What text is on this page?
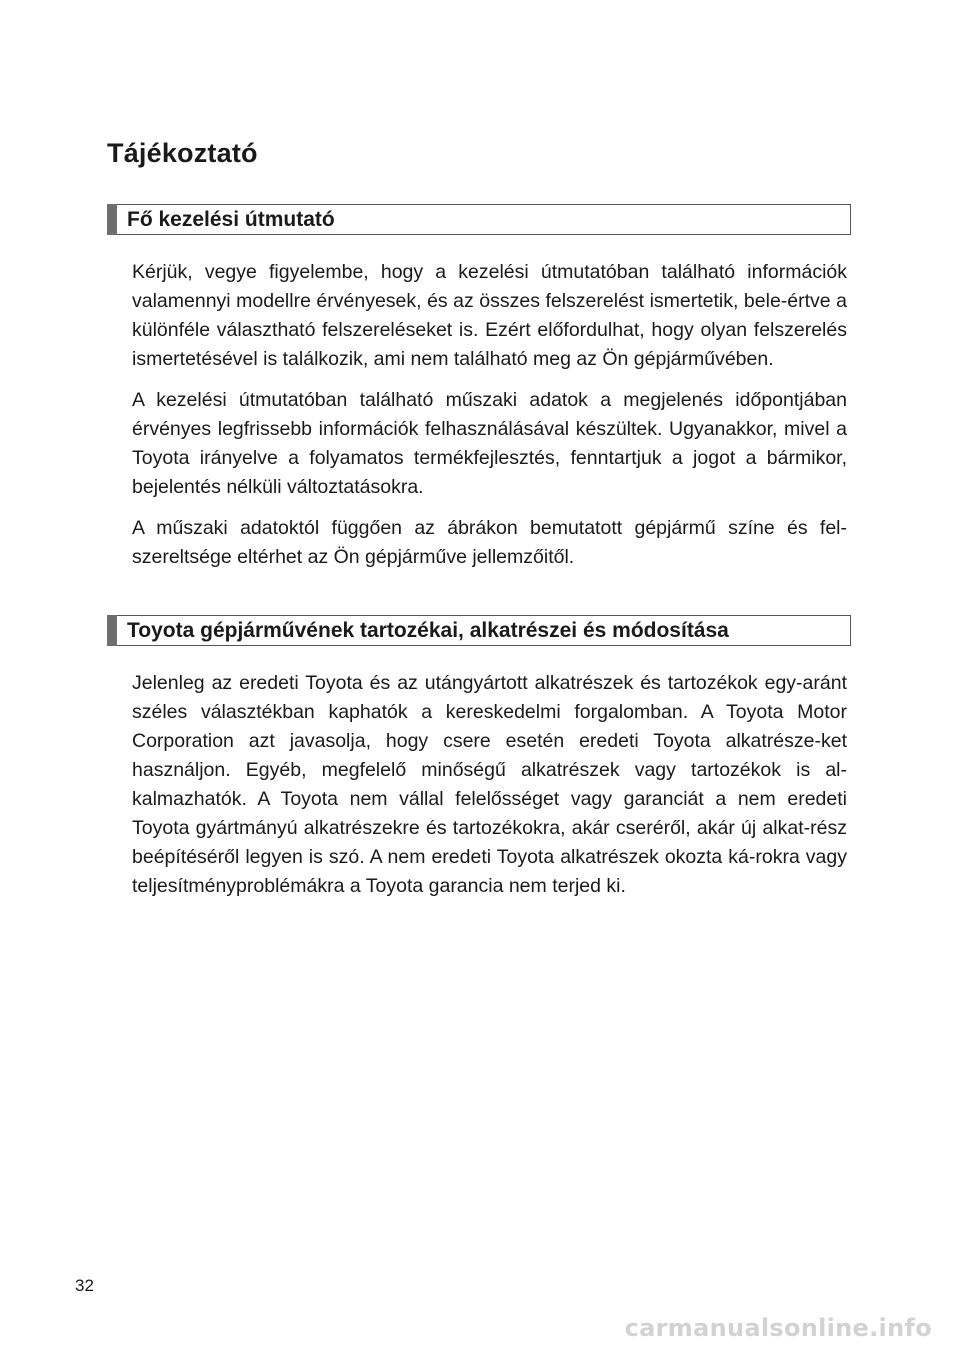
Tájékoztató
Fő kezelési útmutató

Kérjük, vegye figyelembe, hogy a kezelési útmutatóban található információk valamennyi modellre érvényesek, és az összes felszerelést ismertetik, bele-értve a különféle választható felszereléseket is. Ezért előfordulhat, hogy olyan felszerelés ismertetésével is találkozik, ami nem található meg az Ön gépjárművében.

A kezelési útmutatóban található műszaki adatok a megjelenés időpontjában érvényes legfrissebb információk felhasználásával készültek. Ugyanakkor, mivel a Toyota irányelve a folyamatos termékfejlesztés, fenntartjuk a jogot a bármikor, bejelentés nélküli változtatásokra.

A műszaki adatoktól függően az ábrákon bemutatott gépjármű színe és fel-szereltsége eltérhet az Ön gépjárműve jellemzőitől.

Toyota gépjárművének tartozékai, alkatrészei és módosítása

Jelenleg az eredeti Toyota és az utángyártott alkatrészek és tartozékok egy-aránt széles választékban kaphatók a kereskedelmi forgalomban. A Toyota Motor Corporation azt javasolja, hogy csere esetén eredeti Toyota alkatrésze-ket használjon. Egyéb, megfelelő minőségű alkatrészek vagy tartozékok is al-kalmazhatók. A Toyota nem vállal felelősséget vagy garanciát a nem eredeti Toyota gyártmányú alkatrészekre és tartozékokra, akár cseréről, akár új alkat-rész beépítéséről legyen is szó. A nem eredeti Toyota alkatrészek okozta ká-rokra vagy teljesítményproblémákra a Toyota garancia nem terjed ki.

32
carmanualsonline.info
